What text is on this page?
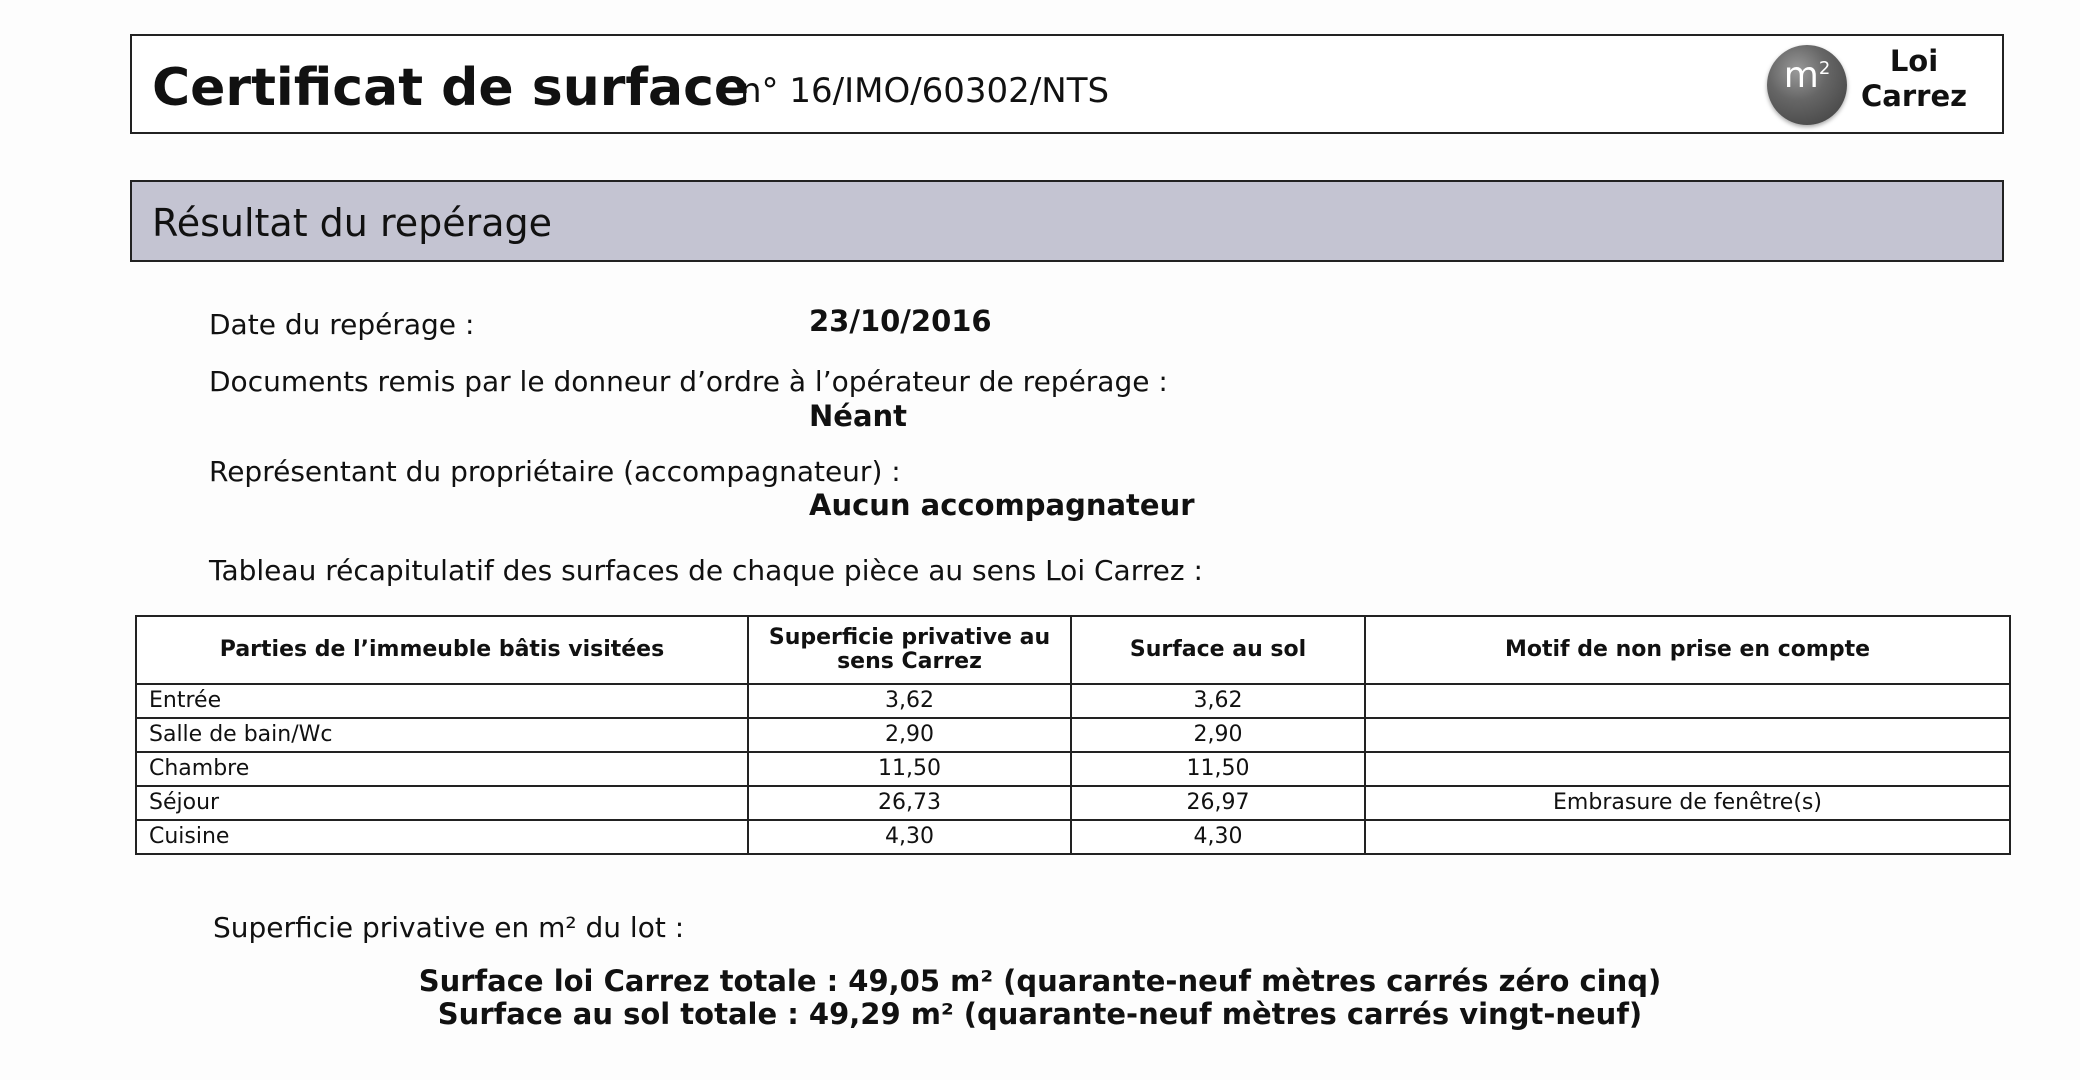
Certificat de surface
n° 16/IMO/60302/NTS	$m^2$	Loi
Carrez
Résultat du repérage
Date du repérage :	23/10/2016
Documents remis par le donneur d’ordre à l’opérateur de repérage :
Néant
Représentant du propriétaire (accompagnateur) :
Aucun accompagnateur
Tableau récapitulatif des surfaces de chaque pièce au sens Loi Carrez :
Parties de l’immeuble bâtis visitées	Superficie privative au sens Carrez	Surface au sol	Motif de non prise en compte
Entrée	3,62	3,62	
Salle de bain/Wc	2,90	2,90	
Chambre	11,50	11,50	
Séjour	26,73	26,97	Embrasure de fenêtre(s)
Cuisine	4,30	4,30	
Superficie privative en m² du lot :
Surface loi Carrez totale : 49,05 m² (quarante-neuf mètres carrés zéro cinq)
Surface au sol totale : 49,29 m² (quarante-neuf mètres carrés vingt-neuf)
